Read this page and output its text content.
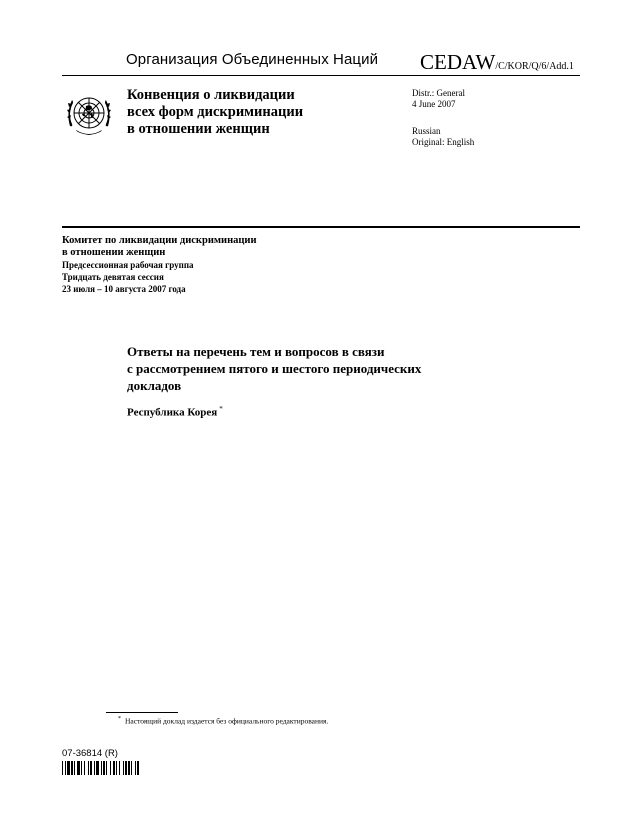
Организация Объединенных Наций CEDAW/C/KOR/Q/6/Add.1
Конвенция о ликвидации
всех форм дискриминации
в отношении женщин
Distr.: General
4 June 2007
Russian
Original: English
Комитет по ликвидации дискриминации
в отношении женщин
Предсессионная рабочая группа
Тридцать девятая сессия
23 июля – 10 августа 2007 года
Ответы на перечень тем и вопросов в связи
с рассмотрением пятого и шестого периодических
докладов
Республика Корея *
* Настоящий доклад издается без официального редактирования.
07-36814 (R)
